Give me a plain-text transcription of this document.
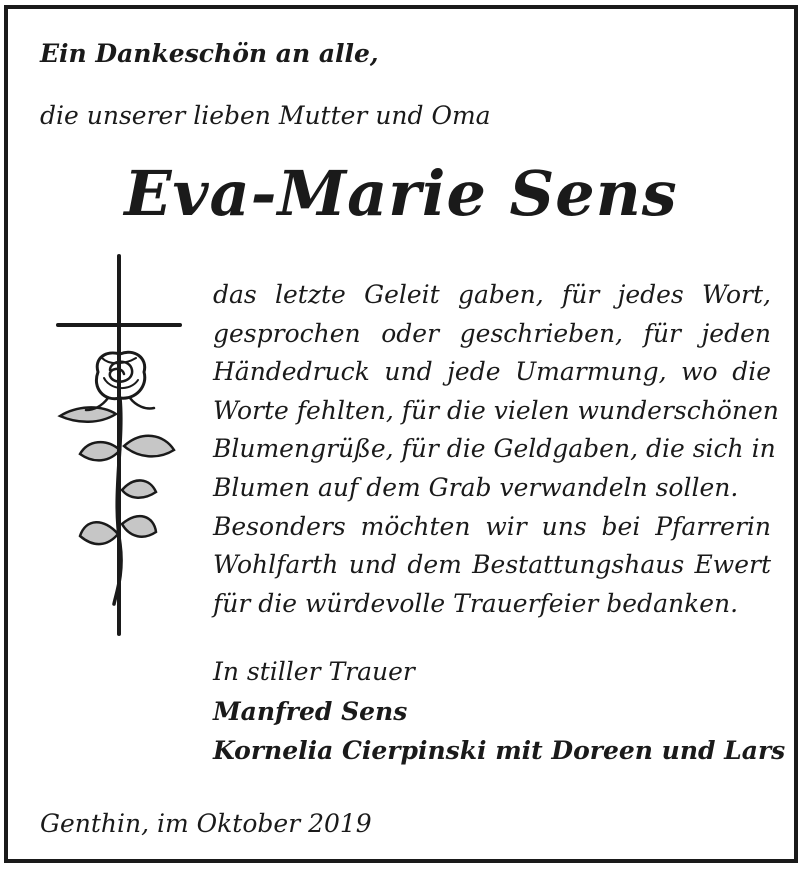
Ein Dankeschön an alle,
die unserer lieben Mutter und Oma
Eva-Marie Sens
das letzte Geleit gaben, für jedes Wort,
gesprochen oder geschrieben, für jeden
Händedruck und jede Umarmung, wo die
Worte fehlten, für die vielen wunderschönen
Blumengrüße, für die Geldgaben, die sich in
Blumen auf dem Grab verwandeln sollen.
Besonders möchten wir uns bei Pfarrerin
Wohlfarth und dem Bestattungshaus Ewert
für die würdevolle Trauerfeier bedanken.
In stiller Trauer
Manfred Sens
Kornelia Cierpinski mit Doreen und Lars
Genthin, im Oktober 2019
